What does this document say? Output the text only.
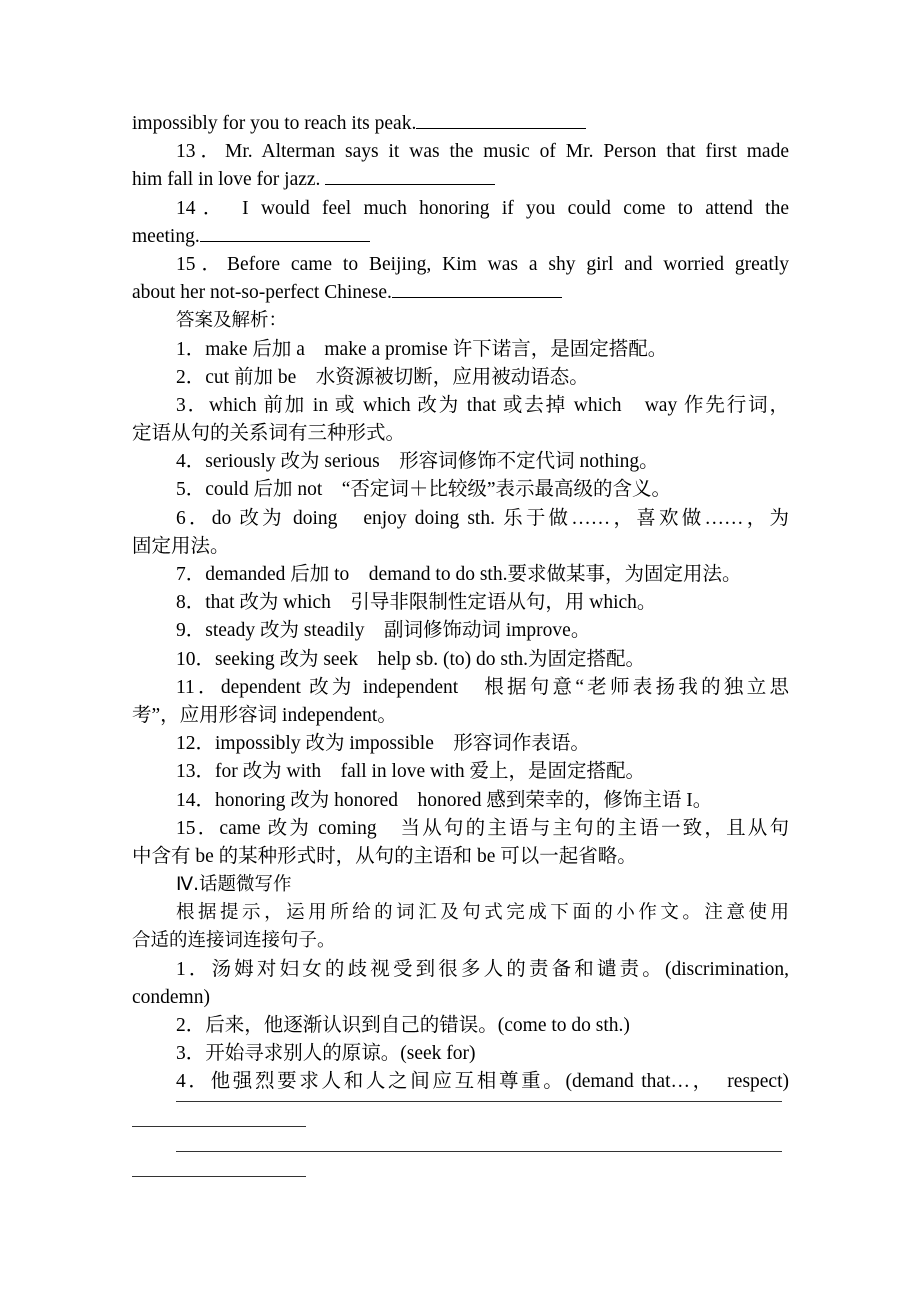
impossibly for you to reach its peak.
13．Mr. Alterman says it was the music of Mr. Person that first made
him fall in love for jazz.
14． I would feel much honoring if you could come to attend the
meeting.
15．Before came to Beijing, Kim was a shy girl and worried greatly
about her not-so-perfect Chinese.
答案及解析：
1．make 后加 a　make a promise 许下诺言，是固定搭配。
2．cut 前加 be　水资源被切断，应用被动语态。
3．which 前加 in 或 which 改为 that 或去掉 which　way 作先行词，
定语从句的关系词有三种形式。
4．seriously 改为 serious　形容词修饰不定代词 nothing。
5．could 后加 not　“否定词＋比较级”表示最高级的含义。
6．do 改为 doing　enjoy doing sth. 乐于做……，喜欢做……，为
固定用法。
7．demanded 后加 to　demand to do sth.要求做某事，为固定用法。
8．that 改为 which　引导非限制性定语从句，用 which。
9．steady 改为 steadily　副词修饰动词 improve。
10．seeking 改为 seek　help sb. (to) do sth.为固定搭配。
11．dependent 改为 independent　根据句意“老师表扬我的独立思
考”，应用形容词 independent。
12．impossibly 改为 impossible　形容词作表语。
13．for 改为 with　fall in love with 爱上，是固定搭配。
14．honoring 改为 honored　honored 感到荣幸的，修饰主语 I。
15．came 改为 coming　当从句的主语与主句的主语一致，且从句
中含有 be 的某种形式时，从句的主语和 be 可以一起省略。
Ⅳ.话题微写作
根据提示，运用所给的词汇及句式完成下面的小作文。注意使用
合适的连接词连接句子。
1．汤姆对妇女的歧视受到很多人的责备和谴责。(discrimination,
condemn)
2．后来，他逐渐认识到自己的错误。(come to do sth.)
3．开始寻求别人的原谅。(seek for)
4．他强烈要求人和人之间应互相尊重。(demand that…，　respect)
